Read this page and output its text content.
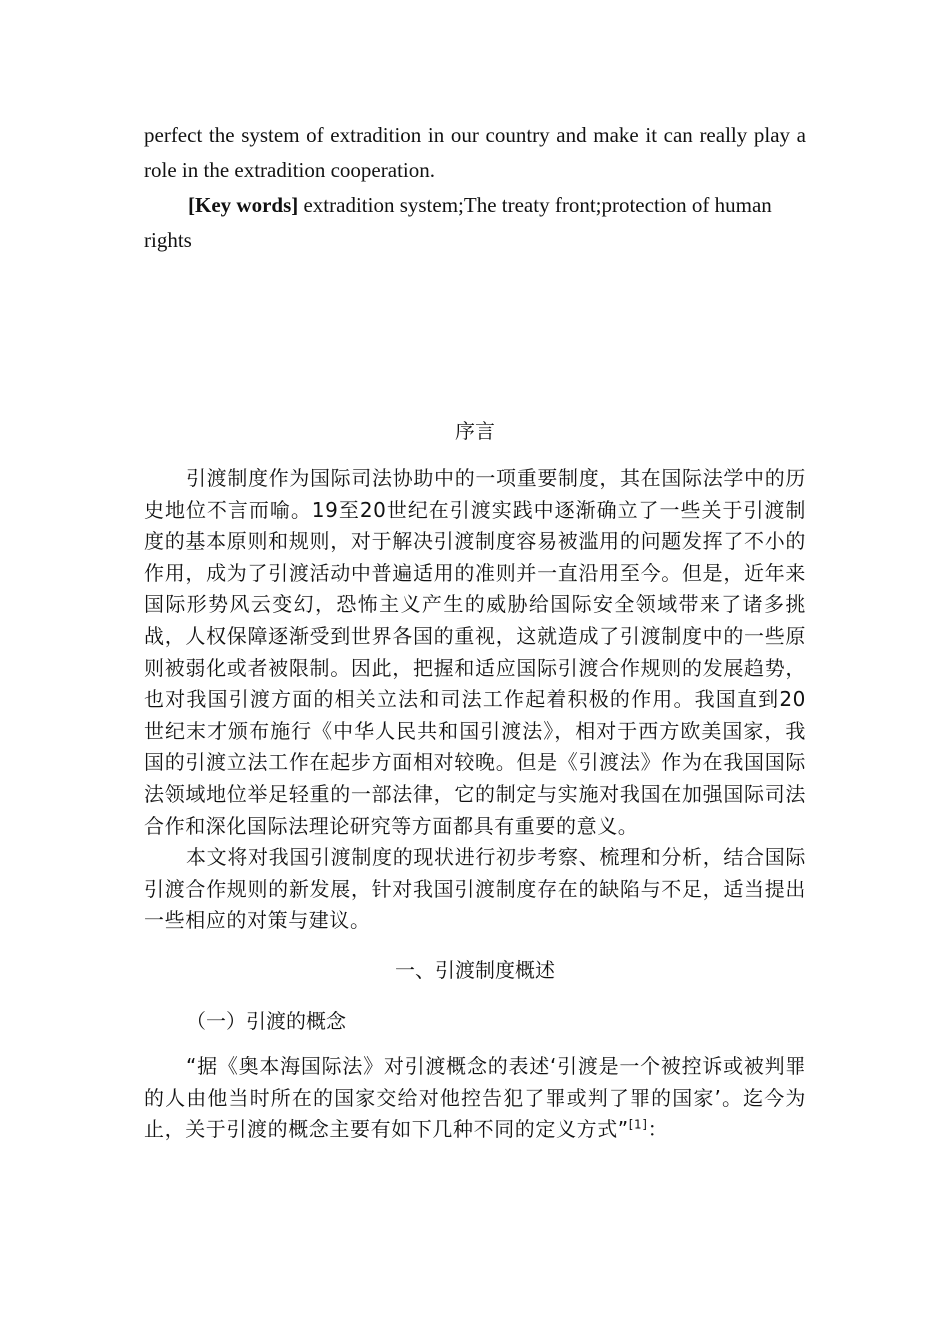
perfect the system of extradition in our country and make it can really play a role in the extradition cooperation.

[Key words] extradition system;The treaty front;protection of human rights

序言

引渡制度作为国际司法协助中的一项重要制度，其在国际法学中的历史地位不言而喻。19至20世纪在引渡实践中逐渐确立了一些关于引渡制度的基本原则和规则，对于解决引渡制度容易被滥用的问题发挥了不小的作用，成为了引渡活动中普遍适用的准则并一直沿用至今。但是，近年来国际形势风云变幻，恐怖主义产生的威胁给国际安全领域带来了诸多挑战，人权保障逐渐受到世界各国的重视，这就造成了引渡制度中的一些原则被弱化或者被限制。因此，把握和适应国际引渡合作规则的发展趋势，也对我国引渡方面的相关立法和司法工作起着积极的作用。我国直到20世纪末才颁布施行《中华人民共和国引渡法》，相对于西方欧美国家，我国的引渡立法工作在起步方面相对较晚。但是《引渡法》作为在我国国际法领域地位举足轻重的一部法律，它的制定与实施对我国在加强国际司法合作和深化国际法理论研究等方面都具有重要的意义。

本文将对我国引渡制度的现状进行初步考察、梳理和分析，结合国际引渡合作规则的新发展，针对我国引渡制度存在的缺陷与不足，适当提出一些相应的对策与建议。

一、引渡制度概述
（一）引渡的概念

“据《奥本海国际法》对引渡概念的表述‘引渡是一个被控诉或被判罪的人由他当时所在的国家交给对他控告犯了罪或判了罪的国家’。迄今为止，关于引渡的概念主要有如下几种不同的定义方式”[1]：
